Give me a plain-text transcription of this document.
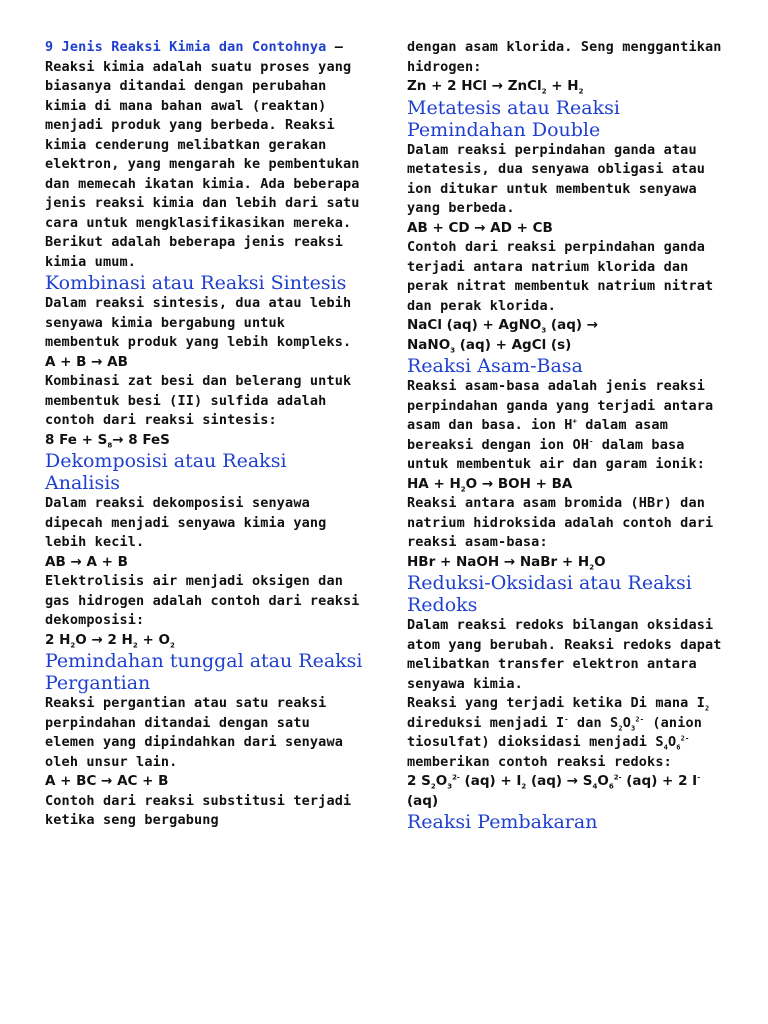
9 Jenis Reaksi Kimia dan Contohnya – Reaksi kimia adalah suatu proses yang biasanya ditandai dengan perubahan kimia di mana bahan awal (reaktan) menjadi produk yang berbeda. Reaksi kimia cenderung melibatkan gerakan elektron, yang mengarah ke pembentukan dan memecah ikatan kimia. Ada beberapa jenis reaksi kimia dan lebih dari satu cara untuk mengklasifikasikan mereka. Berikut adalah beberapa jenis reaksi kimia umum.

Kombinasi atau Reaksi Sintesis

Dalam reaksi sintesis, dua atau lebih senyawa kimia bergabung untuk membentuk produk yang lebih kompleks.

A + B → AB

Kombinasi zat besi dan belerang untuk membentuk besi (II) sulfida adalah contoh dari reaksi sintesis:

8 $Fe + S_8\to 8$ FeS

Dekomposisi atau Reaksi Analisis

Dalam reaksi dekomposisi senyawa dipecah menjadi senyawa kimia yang lebih kecil.

AB → A + B

Elektrolisis air menjadi oksigen dan gas hidrogen adalah contoh dari reaksi dekomposisi:

2 $H_2O \to 2$ $H_2 + O_2$

Pemindahan tunggal atau Reaksi Pergantian

Reaksi pergantian atau satu reaksi perpindahan ditandai dengan satu elemen yang dipindahkan dari senyawa oleh unsur lain.

A + BC → AC + B

Contoh dari reaksi substitusi terjadi ketika seng bergabung

dengan asam klorida. Seng menggantikan hidrogen:

Zn + 2 HCl → ZnCl$_2$ + $H_2$

Metatesis atau Reaksi Pemindahan Double

Dalam reaksi perpindahan ganda atau metatesis, dua senyawa obligasi atau ion ditukar untuk membentuk senyawa yang berbeda.

AB + CD → AD + CB

Contoh dari reaksi perpindahan ganda terjadi antara natrium klorida dan perak nitrat membentuk natrium nitrat dan perak klorida.

NaCl (aq) + AgNO$_3$ (aq) →

NaNO$_3$ (aq) + AgCl (s)

Reaksi Asam-Basa

Reaksi asam-basa adalah jenis reaksi perpindahan ganda yang terjadi antara asam dan basa. ion H+ dalam asam bereaksi dengan ion OH- dalam basa untuk membentuk air dan garam ionik:

HA + $H_2O$ → BOH + BA

Reaksi antara asam bromida (HBr) dan natrium hidroksida adalah contoh dari reaksi asam-basa:

HBr + NaOH → NaBr + $H_2O$

Reduksi-Oksidasi atau Reaksi Redoks

Dalam reaksi redoks bilangan oksidasi atom yang berubah. Reaksi redoks dapat melibatkan transfer elektron antara senyawa kimia.

Reaksi yang terjadi ketika Di mana $I_2$ direduksi menjadi I- dan $S_2O_3^{2-}$ (anion tiosulfat) dioksidasi menjadi $S_4O_6^{2-}$ memberikan contoh reaksi redoks:

2 $S_2O_3^{2-}$ $(aq) + I_2$ $(aq) \to S_4O_6^{2-}$ (aq) + 2 I-(aq)

Reaksi Pembakaran
